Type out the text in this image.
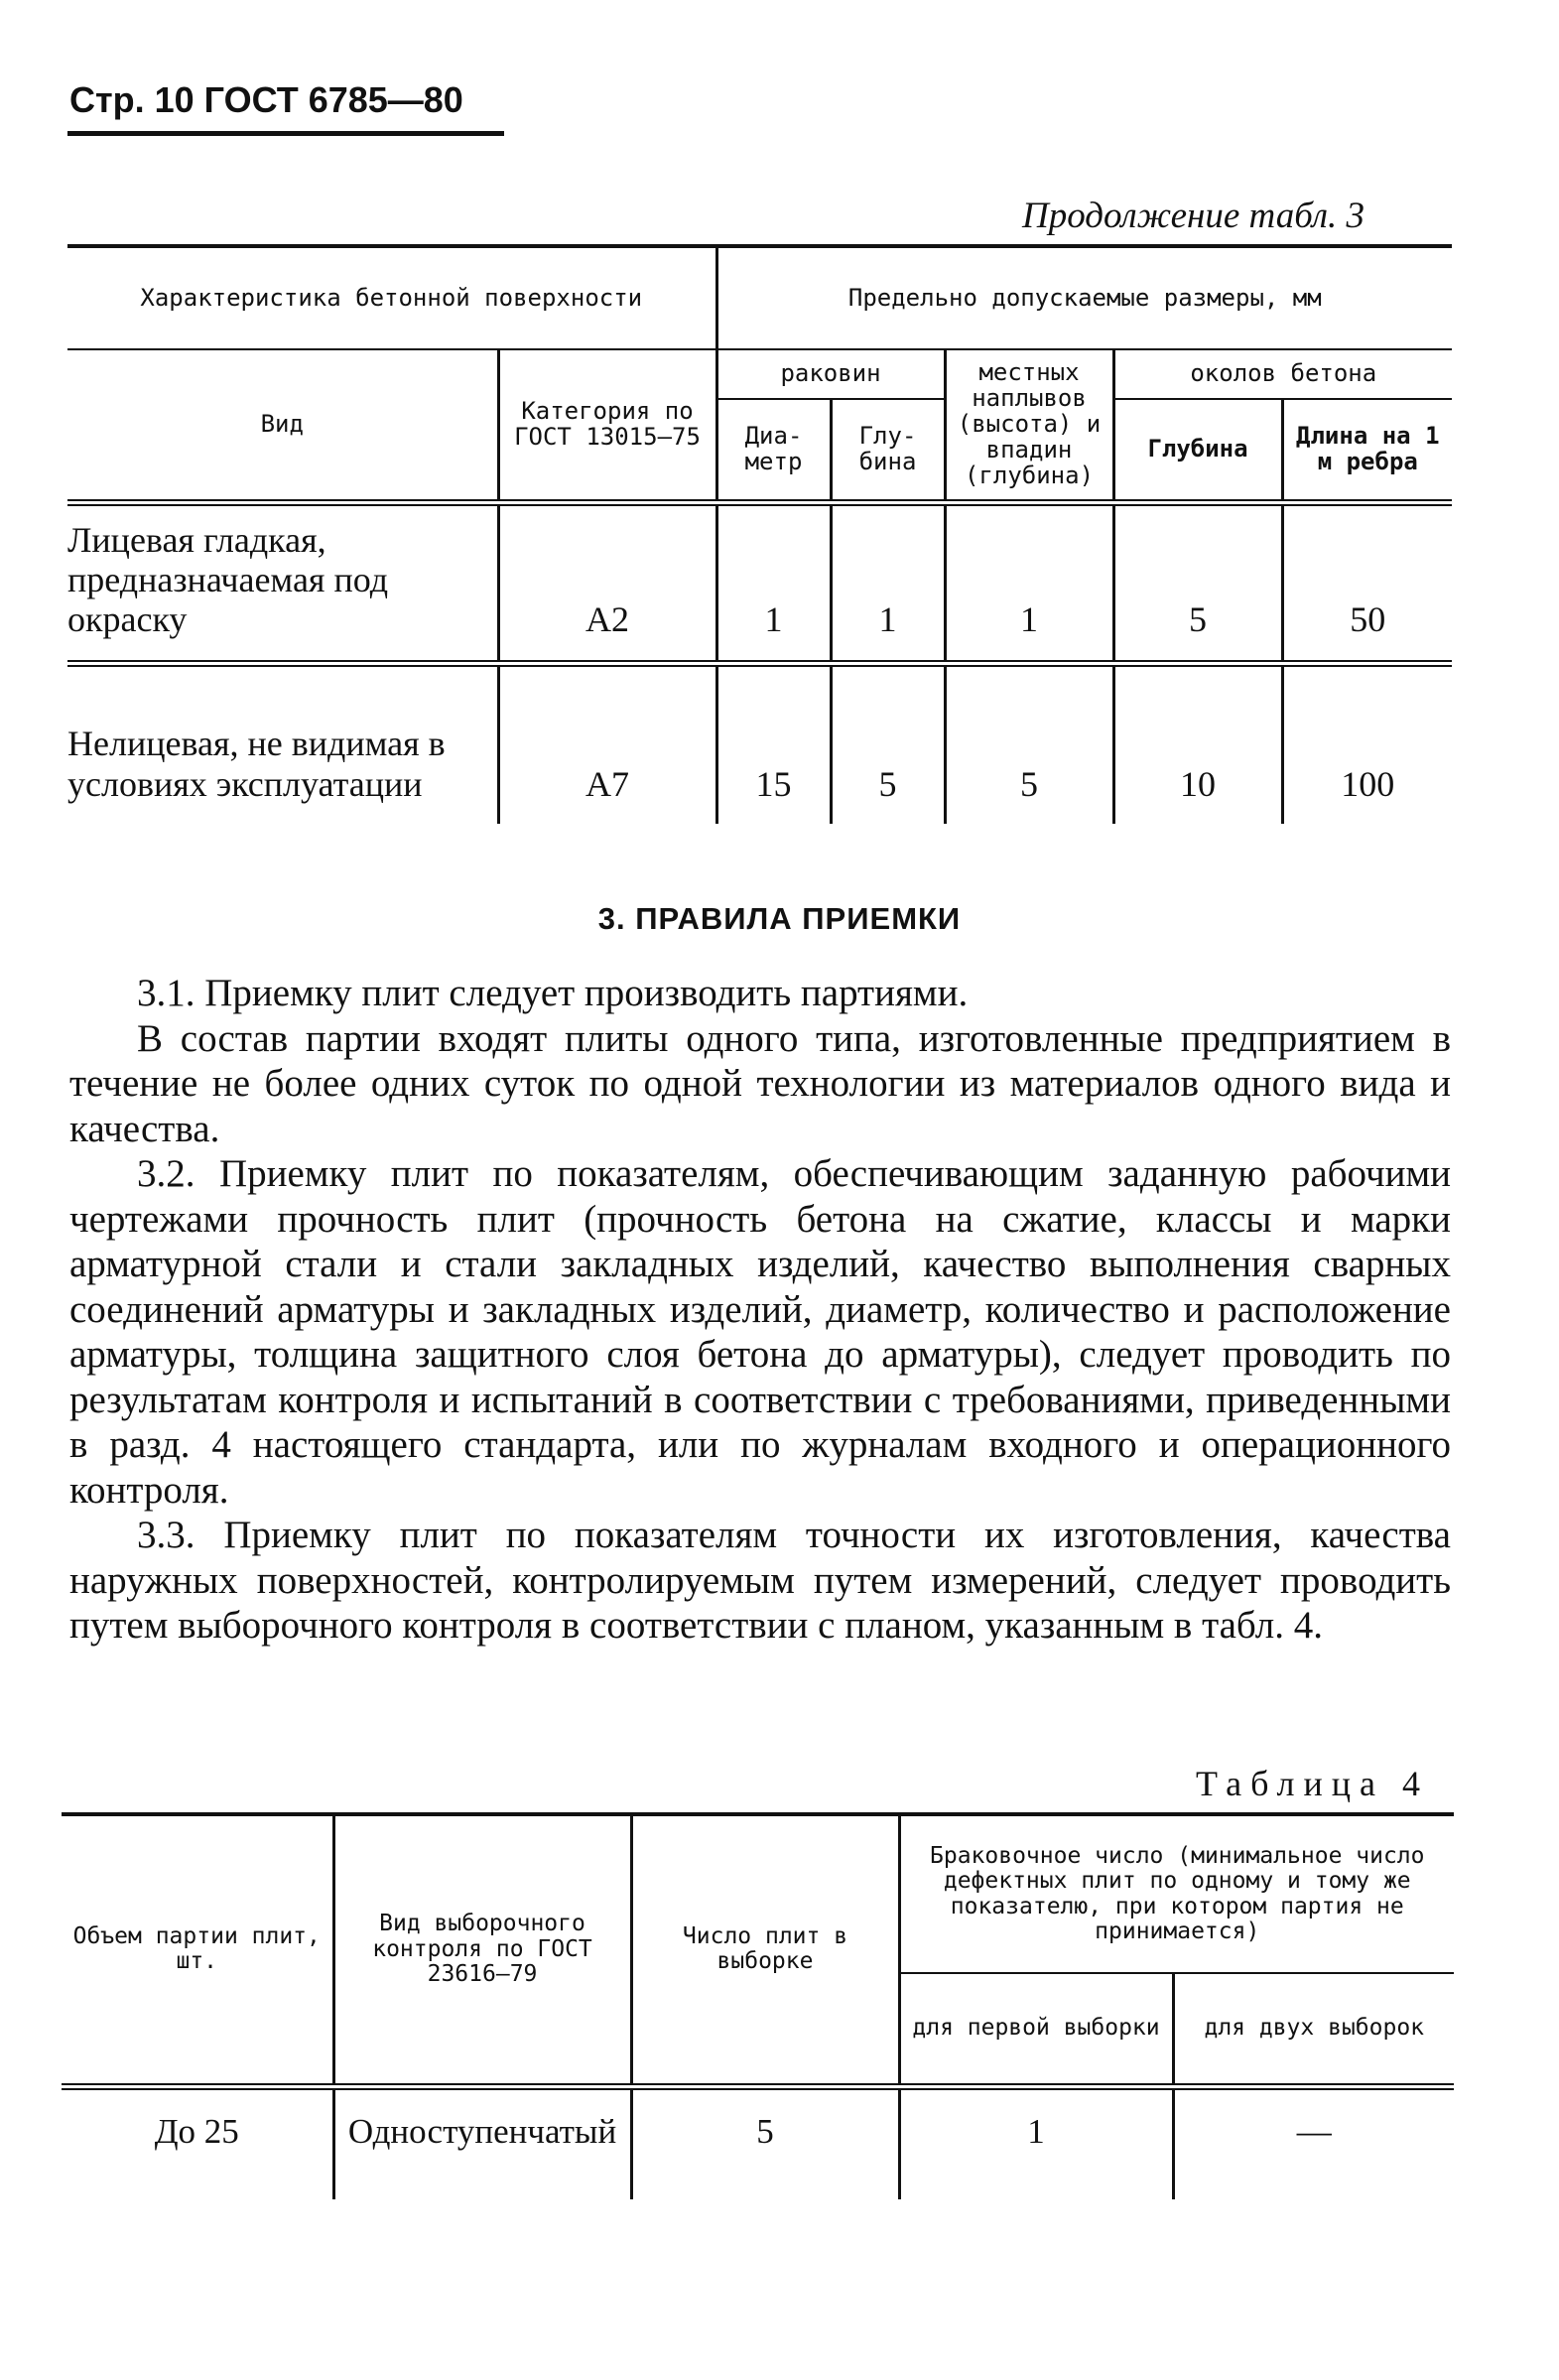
Стр. 10 ГОСТ 6785—80
Продолжение табл. 3
Характеристика бетонной поверхности		Предельно допускаемые размеры, мм				
Вид	Категория по ГОСТ 13015—75	раковин		местных наплывов (высота) и впадин (глубина)	околов бетона	
		Диа-метр	Глу-бина		Глубина	Длина на 1 м ребра
Лицевая гладкая, предназначаемая под окраску	А2	1	1	1	5	50
Нелицевая, не видимая в условиях эксплуатации	А7	15	5	5	10	100
3. ПРАВИЛА ПРИЕМКИ

3.1. Приемку плит следует производить партиями.

В состав партии входят плиты одного типа, изготовленные предприятием в течение не более одних суток по одной технологии из материалов одного вида и качества.

3.2. Приемку плит по показателям, обеспечивающим заданную рабочими чертежами прочность плит (прочность бетона на сжатие, классы и марки арматурной стали и стали закладных изделий, качество выполнения сварных соединений арматуры и закладных изделий, диаметр, количество и расположение арматуры, толщина защитного слоя бетона до арматуры), следует проводить по результатам контроля и испытаний в соответствии с требованиями, приведенными в разд. 4 настоящего стандарта, или по журналам входного и операционного контроля.

3.3. Приемку плит по показателям точности их изготовления, качества наружных поверхностей, контролируемым путем измерений, следует проводить путем выборочного контроля в соответствии с планом, указанным в табл. 4.

Таблица 4
Объем партии плит, шт.	Вид выборочного контроля по ГОСТ 23616—79	Число плит в выборке	Браковочное число (минимальное число дефектных плит по одному и тому же показателю, при котором партия не принимается)	
			для первой выборки	для двух выборок
До 25	Одноступенчатый	5	1	—
